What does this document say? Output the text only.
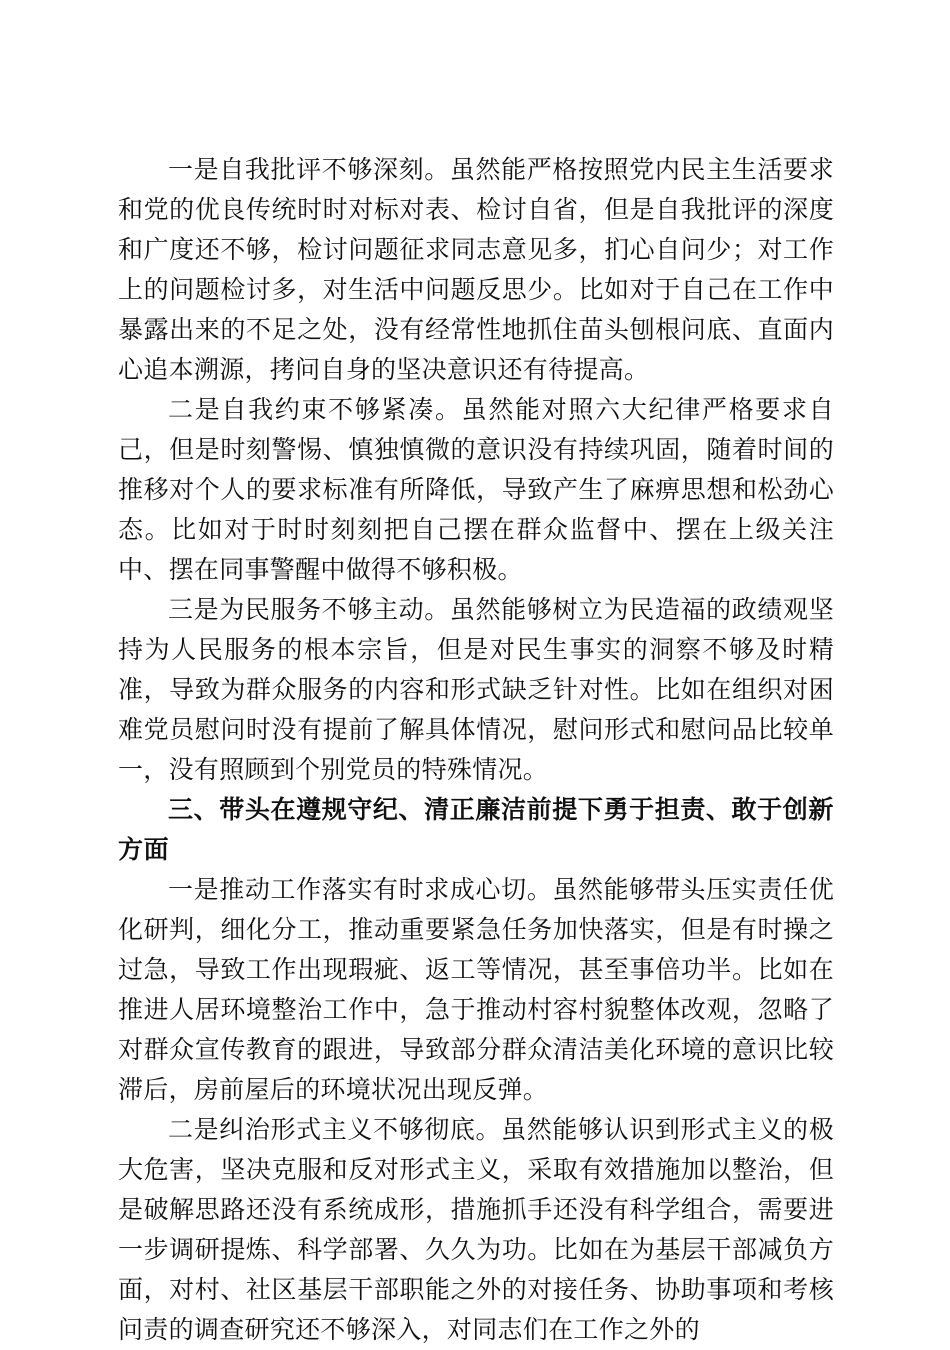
一是自我批评不够深刻。虽然能严格按照党内民主生活要求和党的优良传统时时对标对表、检讨自省，但是自我批评的深度和广度还不够，检讨问题征求同志意见多，扪心自问少；对工作上的问题检讨多，对生活中问题反思少。比如对于自己在工作中暴露出来的不足之处，没有经常性地抓住苗头刨根问底、直面内心追本溯源，拷问自身的坚决意识还有待提高。

二是自我约束不够紧凑。虽然能对照六大纪律严格要求自己，但是时刻警惕、慎独慎微的意识没有持续巩固，随着时间的推移对个人的要求标准有所降低，导致产生了麻痹思想和松劲心态。比如对于时时刻刻把自己摆在群众监督中、摆在上级关注中、摆在同事警醒中做得不够积极。

三是为民服务不够主动。虽然能够树立为民造福的政绩观坚持为人民服务的根本宗旨，但是对民生事实的洞察不够及时精准，导致为群众服务的内容和形式缺乏针对性。比如在组织对困难党员慰问时没有提前了解具体情况，慰问形式和慰问品比较单一，没有照顾到个别党员的特殊情况。

三、带头在遵规守纪、清正廉洁前提下勇于担责、敢于创新方面

一是推动工作落实有时求成心切。虽然能够带头压实责任优化研判，细化分工，推动重要紧急任务加快落实，但是有时操之过急，导致工作出现瑕疵、返工等情况，甚至事倍功半。比如在推进人居环境整治工作中，急于推动村容村貌整体改观，忽略了对群众宣传教育的跟进，导致部分群众清洁美化环境的意识比较滞后，房前屋后的环境状况出现反弹。

二是纠治形式主义不够彻底。虽然能够认识到形式主义的极大危害，坚决克服和反对形式主义，采取有效措施加以整治，但是破解思路还没有系统成形，措施抓手还没有科学组合，需要进一步调研提炼、科学部署、久久为功。比如在为基层干部减负方面，对村、社区基层干部职能之外的对接任务、协助事项和考核问责的调查研究还不够深入，对同志们在工作之外的
